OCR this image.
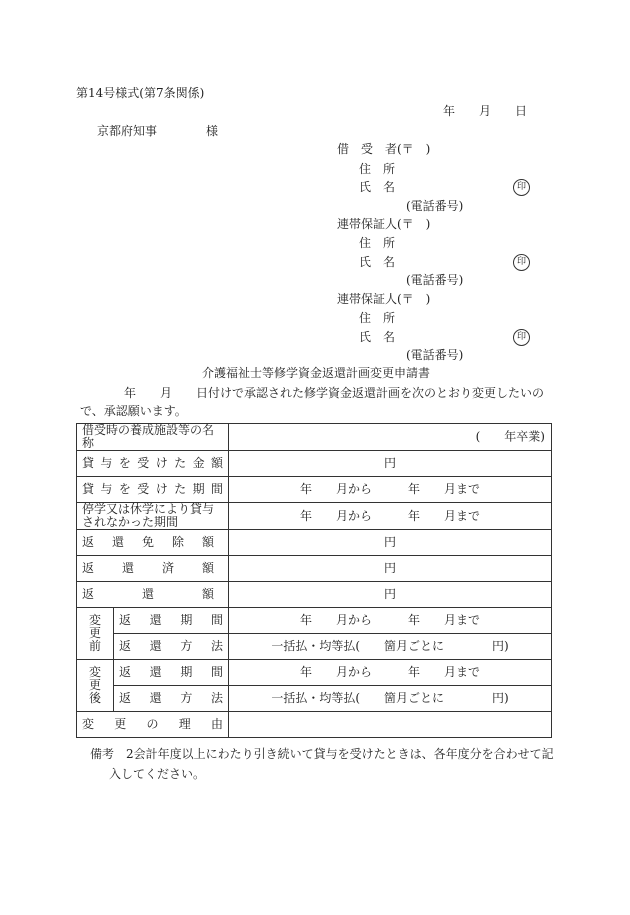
第14号様式(第7条関係)
年　　月　　日
京都府知事	様
借　受　者(〒　)
住　所
氏　名	印
(電話番号)
連帯保証人(〒　)
住　所
氏　名	印
(電話番号)
連帯保証人(〒　)
住　所
氏　名	印
(電話番号)
介護福祉士等修学資金返還計画変更申請書
年　　月　　日付けで承認された修学資金返還計画を次のとおり変更したいの
で、承認願います。
借受時の養成施設等の名称		(　　年卒業)

貸与を受けた金額		円
貸与を受けた期間		年　　月から　　　年　　月まで
停学又は休学により貸与されなかった期間		年　　月から　　　年　　月まで
返還免除額		円
返還済額		円
返還額		円
変更前	返還期間	年　　月から　　　年　　月まで
	返還方法	一括払・均等払(　　箇月ごとに　　　　円)
変更後	返還期間	年　　月から　　　年　　月まで
	返還方法	一括払・均等払(　　箇月ごとに　　　　円)
変更の理由		
備考　2会計年度以上にわたり引き続いて貸与を受けたときは、各年度分を合わせて記
入してください。
